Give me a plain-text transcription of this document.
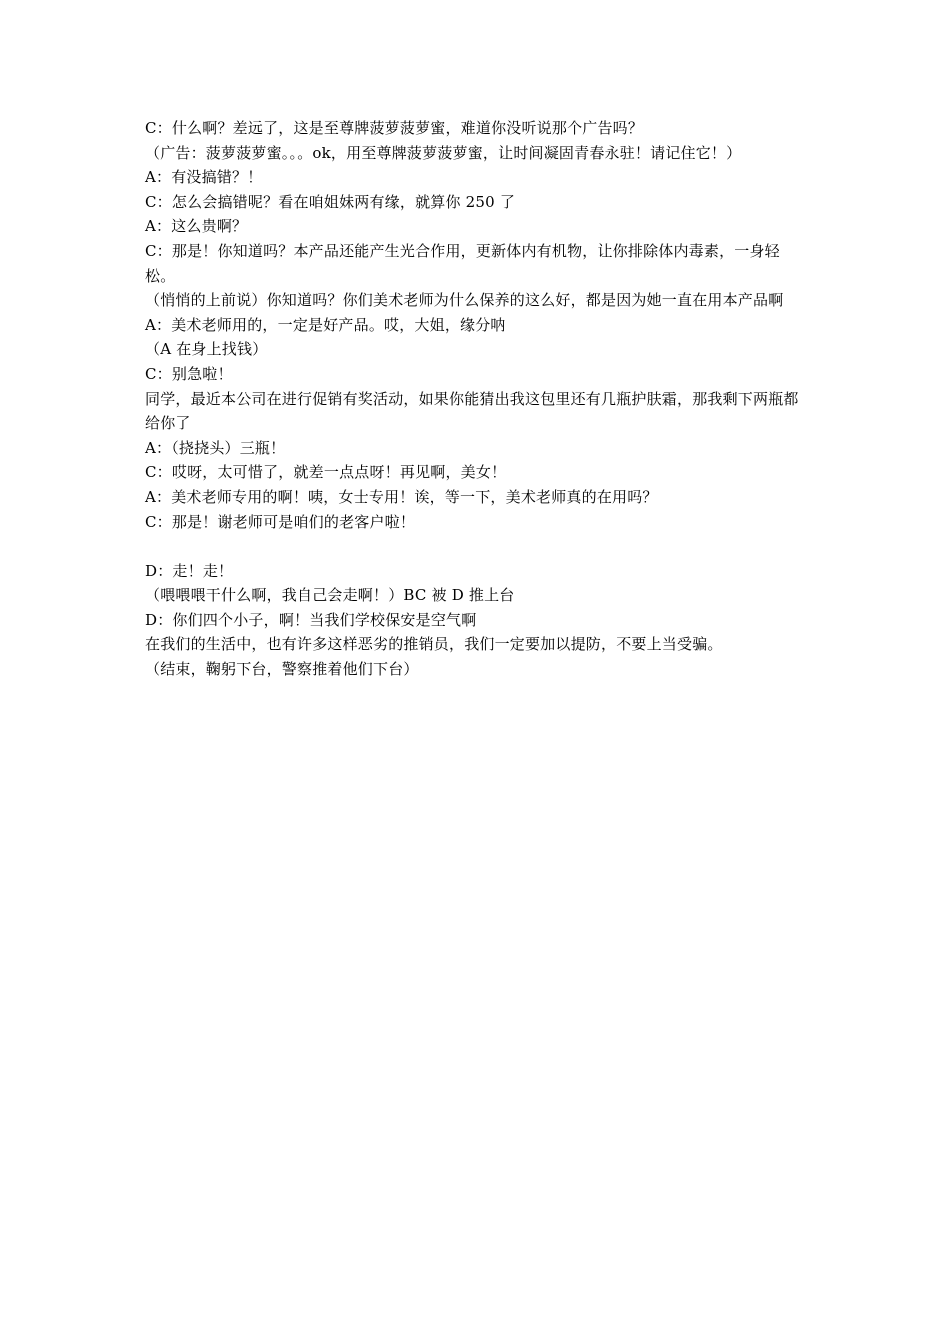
C：什么啊？差远了，这是至尊牌菠萝菠萝蜜，难道你没听说那个广告吗？

（广告：菠萝菠萝蜜。。。ok，用至尊牌菠萝菠萝蜜，让时间凝固青春永驻！请记住它！）

A：有没搞错？！

C：怎么会搞错呢？看在咱姐妹两有缘，就算你 250 了

A：这么贵啊？

C：那是！你知道吗？本产品还能产生光合作用，更新体内有机物，让你排除体内毒素，一身轻松。

（悄悄的上前说）你知道吗？你们美术老师为什么保养的这么好，都是因为她一直在用本产品啊

A：美术老师用的，一定是好产品。哎，大姐，缘分呐

（A 在身上找钱）

C：别急啦！

同学，最近本公司在进行促销有奖活动，如果你能猜出我这包里还有几瓶护肤霜，那我剩下两瓶都给你了

A：（挠挠头）三瓶！

C：哎呀，太可惜了，就差一点点呀！再见啊，美女！

A：美术老师专用的啊！咦，女士专用！诶，等一下，美术老师真的在用吗？

C：那是！谢老师可是咱们的老客户啦！

D：走！走！

（喂喂喂干什么啊，我自己会走啊！）BC 被 D 推上台

D：你们四个小子，啊！当我们学校保安是空气啊

在我们的生活中，也有许多这样恶劣的推销员，我们一定要加以提防，不要上当受骗。

（结束，鞠躬下台，警察推着他们下台）
